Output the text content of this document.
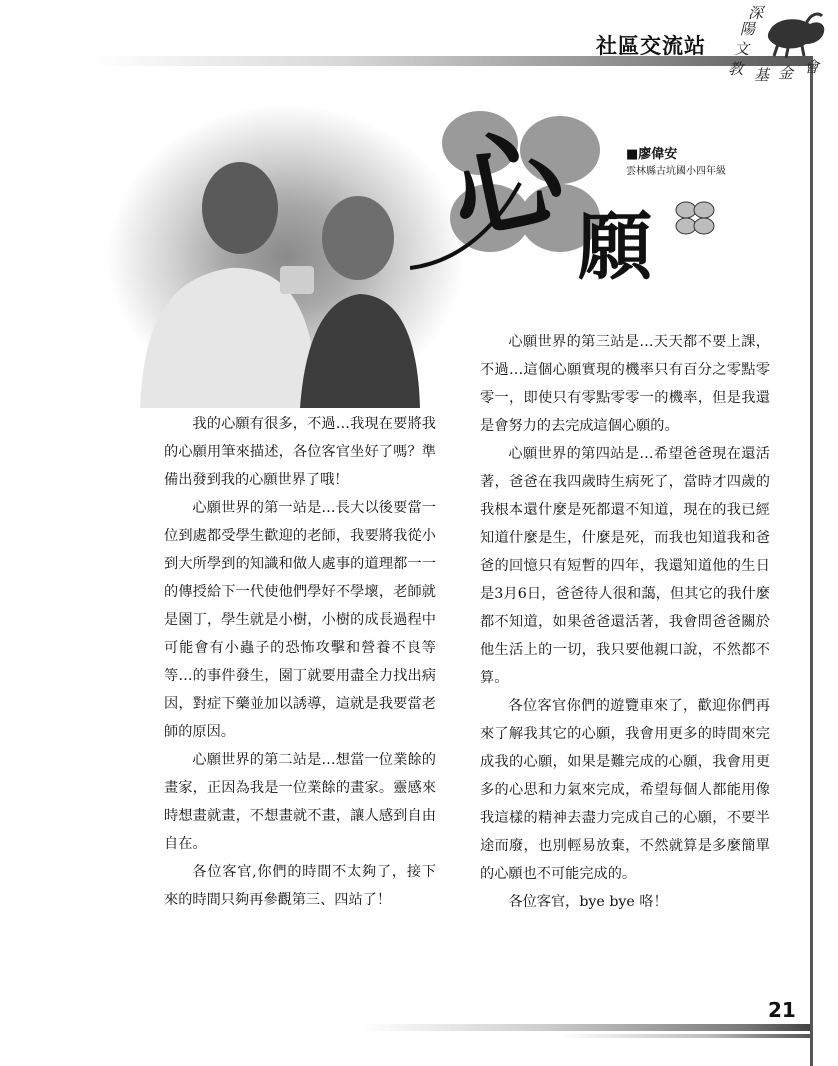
社區交流站
深
陽
文
教 基 金 會
心 願
■廖偉安
雲林縣古坑國小四年級

我的心願有很多，不過…我現在要將我的心願用筆來描述，各位客官坐好了嗎？準備出發到我的心願世界了哦！

心願世界的第一站是…長大以後要當一位到處都受學生歡迎的老師，我要將我從小到大所學到的知識和做人處事的道理都一一的傳授給下一代使他們學好不學壞，老師就是園丁，學生就是小樹，小樹的成長過程中可能會有小蟲子的恐怖攻擊和營養不良等等…的事件發生，園丁就要用盡全力找出病因，對症下藥並加以誘導，這就是我要當老師的原因。

心願世界的第二站是…想當一位業餘的畫家，正因為我是一位業餘的畫家。靈感來時想畫就畫，不想畫就不畫，讓人感到自由自在。

各位客官,你們的時間不太夠了，接下來的時間只夠再參觀第三、四站了！

心願世界的第三站是…天天都不要上課，不過…這個心願實現的機率只有百分之零點零零一，即使只有零點零零一的機率，但是我還是會努力的去完成這個心願的。

心願世界的第四站是…希望爸爸現在還活著，爸爸在我四歲時生病死了，當時才四歲的我根本還什麼是死都還不知道，現在的我已經知道什麼是生，什麼是死，而我也知道我和爸爸的回憶只有短暫的四年，我還知道他的生日是3月6日，爸爸待人很和藹，但其它的我什麼都不知道，如果爸爸還活著，我會問爸爸關於他生活上的一切，我只要他親口說，不然都不算。

各位客官你們的遊覽車來了，歡迎你們再來了解我其它的心願，我會用更多的時間來完成我的心願，如果是難完成的心願，我會用更多的心思和力氣來完成，希望每個人都能用像我這樣的精神去盡力完成自己的心願，不要半途而廢，也別輕易放棄，不然就算是多麼簡單的心願也不可能完成的。

各位客官，bye bye 咯！

21
